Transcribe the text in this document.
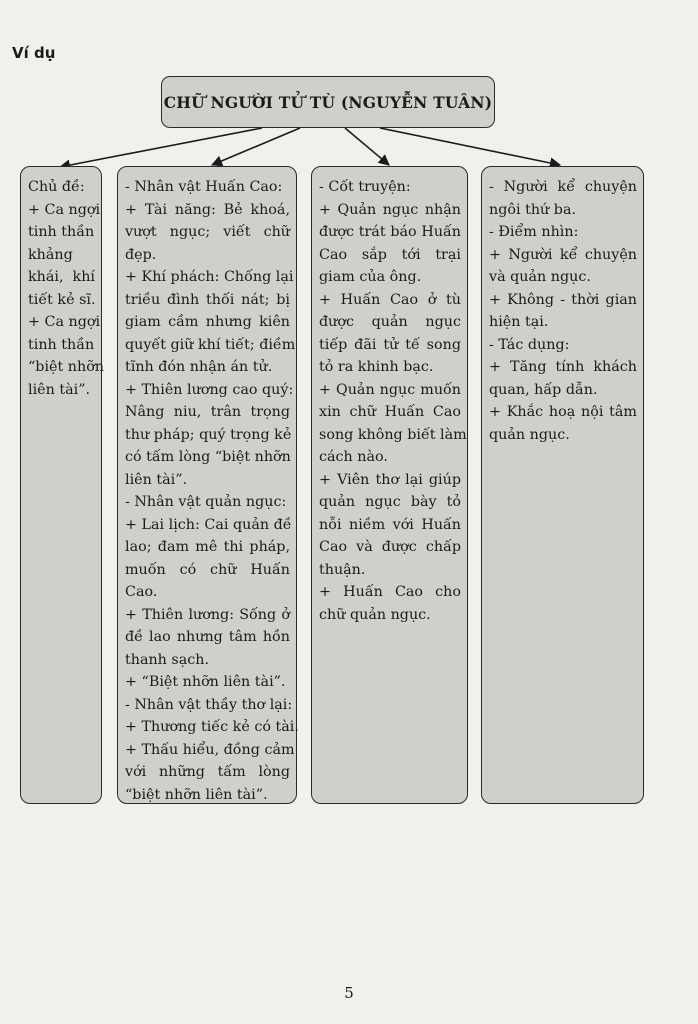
Ví dụ
CHỮ NGƯỜI TỬ TÙ (NGUYỄN TUÂN)
Chủ đề:
+ Ca ngợi
tinh thần
khảng
khái, khí
tiết kẻ sĩ.
+ Ca ngợi
tinh thần
“biệt nhỡn
liên tài”.
- Nhân vật Huấn Cao:
+ Tài năng: Bẻ khoá,
vượt ngục; viết chữ
đẹp.
+ Khí phách: Chống lại
triều đình thối nát; bị
giam cầm nhưng kiên
quyết giữ khí tiết; điềm
tĩnh đón nhận án tử.
+ Thiên lương cao quý:
Nâng niu, trân trọng
thư pháp; quý trọng kẻ
có tấm lòng “biệt nhỡn
liên tài”.
- Nhân vật quản ngục:
+ Lai lịch: Cai quản đề
lao; đam mê thi pháp,
muốn có chữ Huấn
Cao.
+ Thiên lương: Sống ở
đề lao nhưng tâm hồn
thanh sạch.
+ “Biệt nhỡn liên tài”.
- Nhân vật thầy thơ lại:
+ Thương tiếc kẻ có tài.
+ Thấu hiểu, đồng cảm
với những tấm lòng
“biệt nhỡn liên tài”.
- Cốt truyện:
+ Quản ngục nhận
được trát báo Huấn
Cao sắp tới trại
giam của ông.
+ Huấn Cao ở tù
được quản ngục
tiếp đãi tử tế song
tỏ ra khinh bạc.
+ Quản ngục muốn
xin chữ Huấn Cao
song không biết làm
cách nào.
+ Viên thơ lại giúp
quản ngục bày tỏ
nỗi niềm với Huấn
Cao và được chấp
thuận.
+ Huấn Cao cho
chữ quản ngục.
- Người kể chuyện
ngôi thứ ba.
- Điểm nhìn:
+ Người kể chuyện
và quản ngục.
+ Không - thời gian
hiện tại.
- Tác dụng:
+ Tăng tính khách
quan, hấp dẫn.
+ Khắc hoạ nội tâm
quản ngục.
5
